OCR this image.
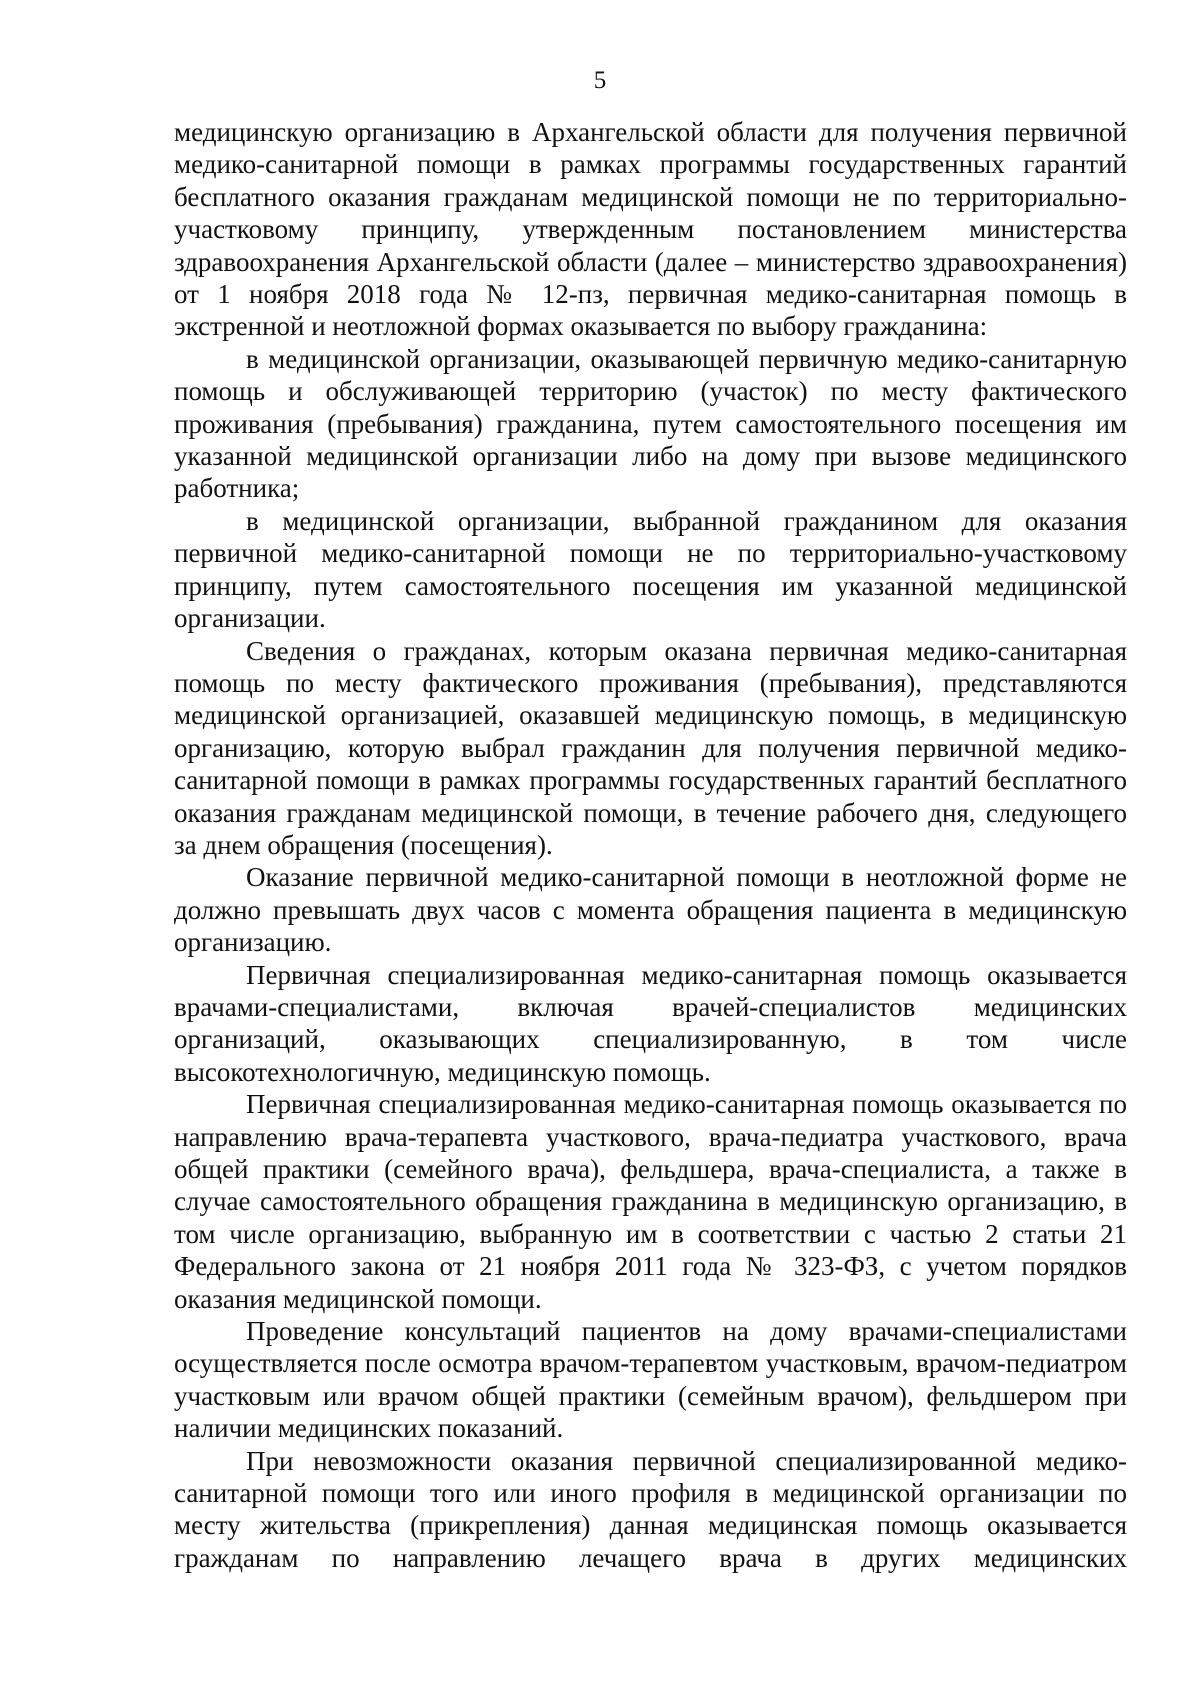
5

медицинскую организацию в Архангельской области для получения первичной медико-санитарной помощи в рамках программы государственных гарантий бесплатного оказания гражданам медицинской помощи не по территориально-участковому принципу, утвержденным постановлением министерства здравоохранения Архангельской области (далее – министерство здравоохранения) от 1 ноября 2018 года № 12-пз, первичная медико-санитарная помощь в экстренной и неотложной формах оказывается по выбору гражданина:

в медицинской организации, оказывающей первичную медико-санитарную помощь и обслуживающей территорию (участок) по месту фактического проживания (пребывания) гражданина, путем самостоятельного посещения им указанной медицинской организации либо на дому при вызове медицинского работника;

в медицинской организации, выбранной гражданином для оказания первичной медико-санитарной помощи не по территориально-участковому принципу, путем самостоятельного посещения им указанной медицинской организации.

Сведения о гражданах, которым оказана первичная медико-санитарная помощь по месту фактического проживания (пребывания), представляются медицинской организацией, оказавшей медицинскую помощь, в медицинскую организацию, которую выбрал гражданин для получения первичной медико-санитарной помощи в рамках программы государственных гарантий бесплатного оказания гражданам медицинской помощи, в течение рабочего дня, следующего за днем обращения (посещения).

Оказание первичной медико-санитарной помощи в неотложной форме не должно превышать двух часов с момента обращения пациента в медицинскую организацию.

Первичная специализированная медико-санитарная помощь оказывается врачами-специалистами, включая врачей-специалистов медицинских организаций, оказывающих специализированную, в том числе высокотехнологичную, медицинскую помощь.

Первичная специализированная медико-санитарная помощь оказывается по направлению врача-терапевта участкового, врача-педиатра участкового, врача общей практики (семейного врача), фельдшера, врача-специалиста, а также в случае самостоятельного обращения гражданина в медицинскую организацию, в том числе организацию, выбранную им в соответствии с частью 2 статьи 21 Федерального закона от 21 ноября 2011 года № 323-ФЗ, с учетом порядков оказания медицинской помощи.

Проведение консультаций пациентов на дому врачами-специалистами осуществляется после осмотра врачом-терапевтом участковым, врачом-педиатром участковым или врачом общей практики (семейным врачом), фельдшером при наличии медицинских показаний.

При невозможности оказания первичной специализированной медико-санитарной помощи того или иного профиля в медицинской организации по месту жительства (прикрепления) данная медицинская помощь оказывается гражданам по направлению лечащего врача в других медицинских
